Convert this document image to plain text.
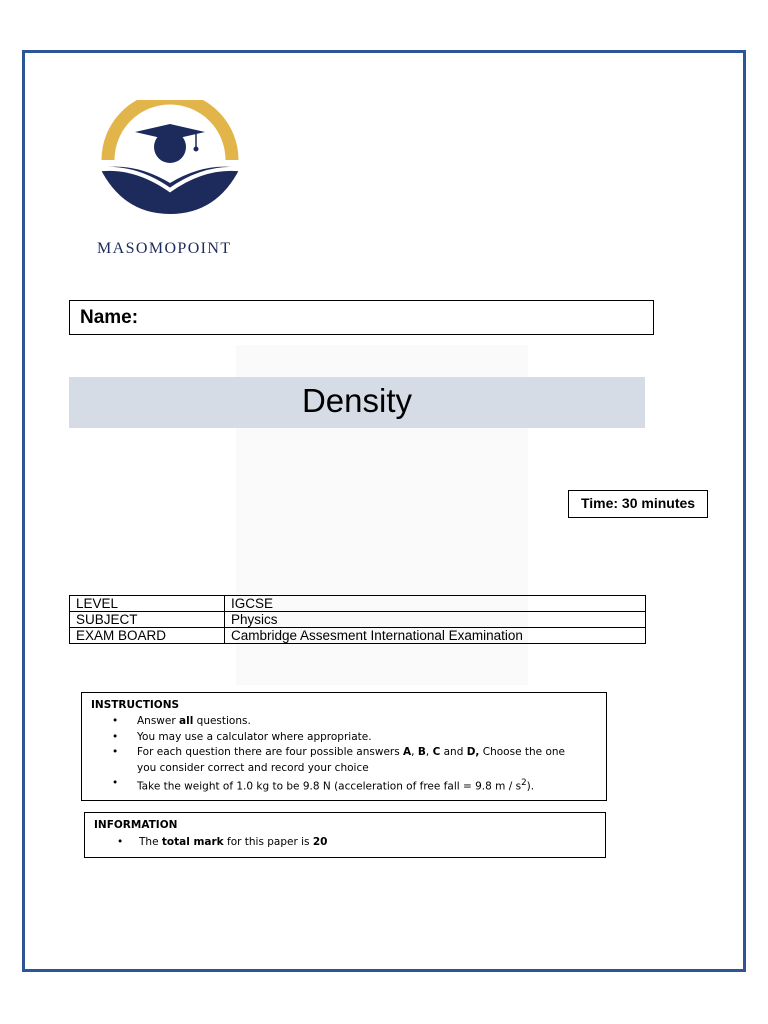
MASOMOPOINT
Name:
Density
Time: 30 minutes
LEVEL	IGCSE
SUBJECT	Physics
EXAM BOARD	Cambridge Assesment International Examination
INSTRUCTIONS
• Answer all questions.
• You may use a calculator where appropriate.
• For each question there are four possible answers A, B, C and D, Choose the one you consider correct and record your choice
• Take the weight of 1.0 kg to be 9.8 N (acceleration of free fall = 9.8 m / $s^2$).
INFORMATION
• The total mark for this paper is 20
